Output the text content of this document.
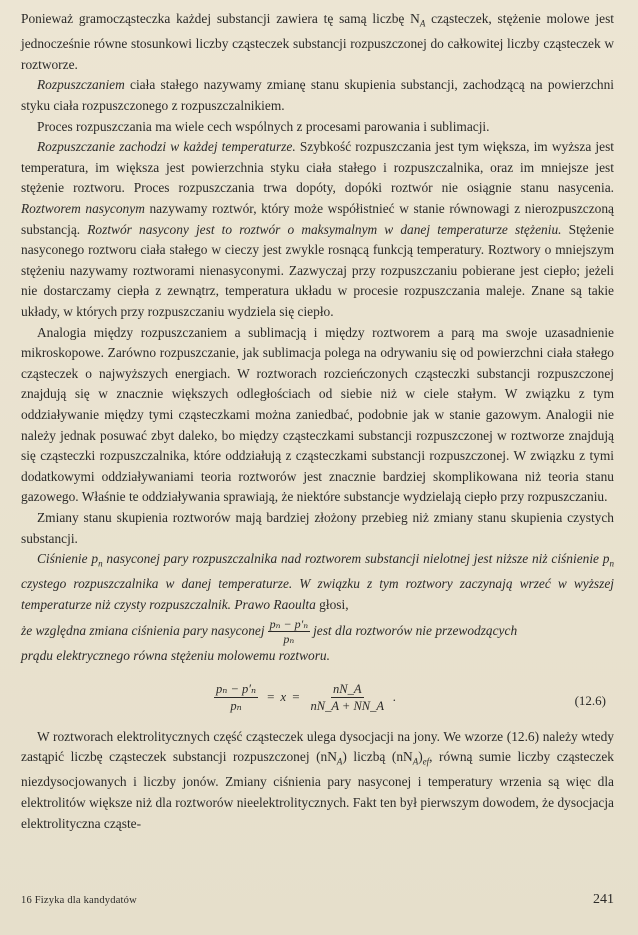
Ponieważ gramocząsteczka każdej substancji zawiera tę samą liczbę $N_A$ cząsteczek, stężenie molowe jest jednocześnie równe stosunkowi liczby cząsteczek substancji rozpuszczonej do całkowitej liczby cząsteczek w roztworze.

Rozpuszczaniem ciała stałego nazywamy zmianę stanu skupienia substancji, zachodzącą na powierzchni styku ciała rozpuszczonego z rozpuszczalnikiem.

Proces rozpuszczania ma wiele cech wspólnych z procesami parowania i sublimacji.

Rozpuszczanie zachodzi w każdej temperaturze. Szybkość rozpuszczania jest tym większa, im wyższa jest temperatura, im większa jest powierzchnia styku ciała stałego i rozpuszczalnika, oraz im mniejsze jest stężenie roztworu. Proces rozpuszczania trwa dopóty, dopóki roztwór nie osiągnie stanu nasycenia. Roztworem nasyconym nazywamy roztwór, który może współistnieć w stanie równowagi z nierozpuszczoną substancją. Roztwór nasycony jest to roztwór o maksymalnym w danej temperaturze stężeniu. Stężenie nasyconego roztworu ciała stałego w cieczy jest zwykle rosnącą funkcją temperatury. Roztwory o mniejszym stężeniu nazywamy roztworami nienasyconymi. Zazwyczaj przy rozpuszczaniu pobierane jest ciepło; jeżeli nie dostarczamy ciepła z zewnątrz, temperatura układu w procesie rozpuszczania maleje. Znane są takie układy, w których przy rozpuszczaniu wydziela się ciepło.

Analogia między rozpuszczaniem a sublimacją i między roztworem a parą ma swoje uzasadnienie mikroskopowe. Zarówno rozpuszczanie, jak sublimacja polega na odrywaniu się od powierzchni ciała stałego cząsteczek o najwyższych energiach. W roztworach rozcieńczonych cząsteczki substancji rozpuszczonej znajdują się w znacznie większych odległościach od siebie niż w ciele stałym. W związku z tym oddziaływanie między tymi cząsteczkami można zaniedbać, podobnie jak w stanie gazowym. Analogii nie należy jednak posuwać zbyt daleko, bo między cząsteczkami substancji rozpuszczonej w roztworze znajdują się cząsteczki rozpuszczalnika, które oddziałują z cząsteczkami substancji rozpuszczonej. W związku z tymi dodatkowymi oddziaływaniami teoria roztworów jest znacznie bardziej skomplikowana niż teoria stanu gazowego. Właśnie te oddziaływania sprawiają, że niektóre substancje wydzielają ciepło przy rozpuszczaniu.

Zmiany stanu skupienia roztworów mają bardziej złożony przebieg niż zmiany stanu skupienia czystych substancji.

Ciśnienie $p_n$ nasyconej pary rozpuszczalnika nad roztworem substancji nielotnej jest niższe niż ciśnienie $p_n$ czystego rozpuszczalnika w danej temperaturze. W związku z tym roztwory zaczynają wrzeć w wyższej temperaturze niż czysty rozpuszczalnik. Prawo Raoulta głosi,

że względna zmiana ciśnienia pary nasyconej $\frac{\text{pₙ − p′ₙ}}{\text{pₙ}}$ jest dla roztworów nie przewodzących

prądu elektrycznego równa stężeniu molowemu roztworu.

$\frac{\text{pₙ − p′ₙ}}{\text{pₙ}} = x = \frac{nN\_A}{nN\_A + NN\_A}$ .	(12.6)

W roztworach elektrolitycznych część cząsteczek ulega dysocjacji na jony. We wzorze (12.6) należy wtedy zastąpić liczbę cząsteczek substancji rozpuszczonej $(nN_A)$ liczbą $(nN_A)_{ef}$, równą sumie liczby cząsteczek niezdysocjowanych i liczby jonów. Zmiany ciśnienia pary nasyconej i temperatury wrzenia są więc dla elektrolitów większe niż dla roztworów nieelektrolitycznych. Fakt ten był pierwszym dowodem, że dysocjacja elektrolityczna cząste-

16 Fizyka dla kandydatów	241
